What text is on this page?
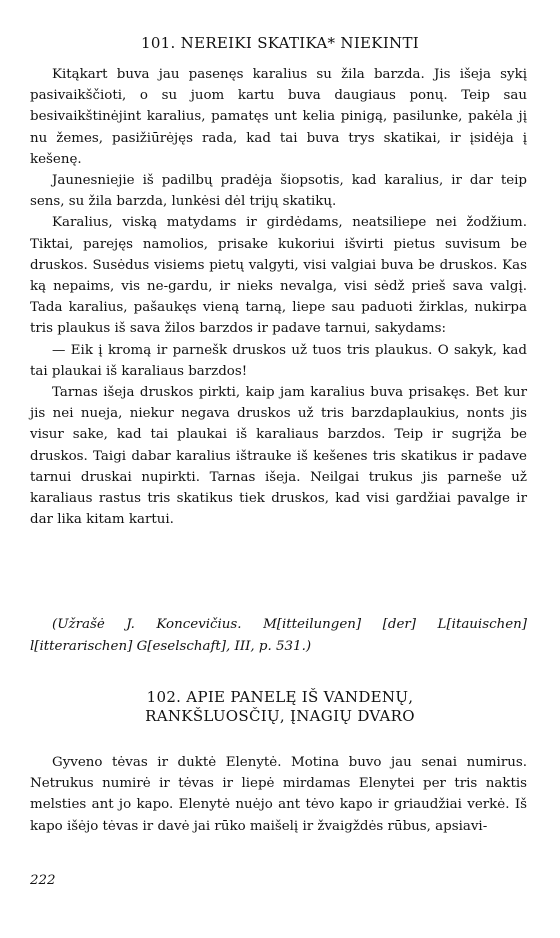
101. NEREIKI SKATIKA* NIEKINTI

Kitąkart buva jau pasenęs karalius su žila barzda. Jis išeja sykį pasivaikščioti, o su juom kartu buva daugiaus ponų. Teip sau besivaikštinėjint karalius, pamatęs unt kelia pinigą, pasilunke, pakėla jį nu žemes, pasižiūrėjęs rada, kad tai buva trys skatikai, ir įsidėja į kešenę.

Jaunesniejie iš padilbų pradėja šiopsotis, kad karalius, ir dar teip sens, su žila barzda, lunkėsi dėl trijų skatikų.

Karalius, viską matydams ir girdėdams, neatsiliepe nei žodžium. Tiktai, parejęs namolios, prisake kukoriui išvirti pietus suvisum be druskos. Susėdus visiems pietų valgyti, visi valgiai buva be druskos. Kas ką nepaims, vis ne-gardu, ir nieks nevalga, visi sėdž prieš sava valgį. Tada karalius, pašaukęs vieną tarną, liepe sau paduoti žirklas, nukirpa tris plaukus iš sava žilos barzdos ir padave tarnui, sakydams:

— Eik į kromą ir parnešk druskos už tuos tris plaukus. O sakyk, kad tai plaukai iš karaliaus barzdos!

Tarnas išeja druskos pirkti, kaip jam karalius buva prisakęs. Bet kur jis nei nueja, niekur negava druskos už tris barzdaplaukius, nonts jis visur sake, kad tai plaukai iš karaliaus barzdos. Teip ir sugrįža be druskos. Taigi dabar karalius ištrauke iš kešenes tris skatikus ir padave tarnui druskai nupirkti. Tarnas išeja. Neilgai trukus jis parneše už karaliaus rastus tris skatikus tiek druskos, kad visi gardžiai pavalge ir dar lika kitam kartui.

(Užrašė J. Koncevičius. M[itteilungen] [der] L[itauischen] l[itterarischen] G[eselschaft], III, p. 531.)

102. APIE PANELĘ IŠ VANDENŲ,
RANKŠLUOSČIŲ, ĮNAGIŲ DVARO

Gyveno tėvas ir duktė Elenytė. Motina buvo jau senai numirus. Netrukus numirė ir tėvas ir liepė mirdamas Elenytei per tris naktis melsties ant jo kapo. Elenytė nuėjo ant tėvo kapo ir griaudžiai verkė. Iš kapo išėjo tėvas ir davė jai rūko maišelį ir žvaigždės rūbus, apsiavi-

222
